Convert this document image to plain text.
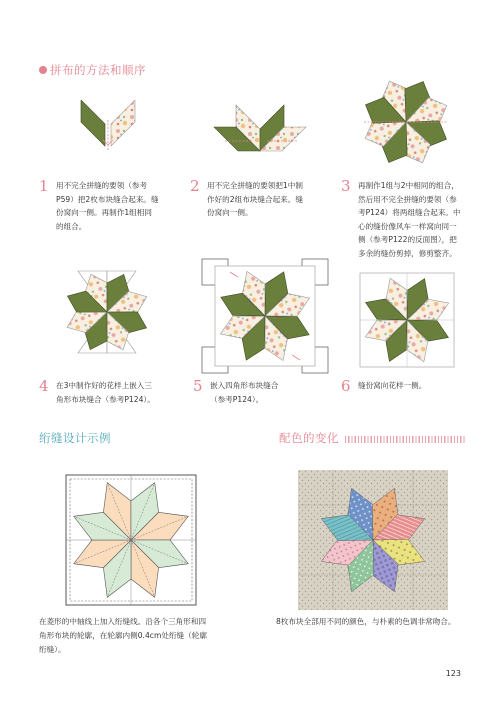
拼布的方法和顺序
1 用不完全拼缝的要领（参考
P59）把2枚布块缝合起来。缝
份窝向一侧。再制作1组相同
的组合。
2 用不完全拼缝的要领把1中制
作好的2组布块缝合起来。缝
份窝向一侧。
3 再制作1组与2中相同的组合，
然后用不完全拼缝的要领（参
考P124）将两组缝合起来。中
心的缝份像风车一样窝向同一
侧（参考P122的反面图），把
多余的缝份剪掉，修剪整齐。
4 在3中制作好的花样上嵌入三
角形布块缝合（参考P124）。
5 嵌入四角形布块缝合
（参考P124）。
6 缝份窝向花样一侧。
绗缝设计示例	配色的变化
在菱形的中轴线上加入绗缝线。沿各个三角形和四
角形布块的轮廓，在轮廓内侧0.4cm处绗缝（轮廓
绗缝）。
8枚布块全部用不同的颜色，与朴素的色调非常吻合。
123
